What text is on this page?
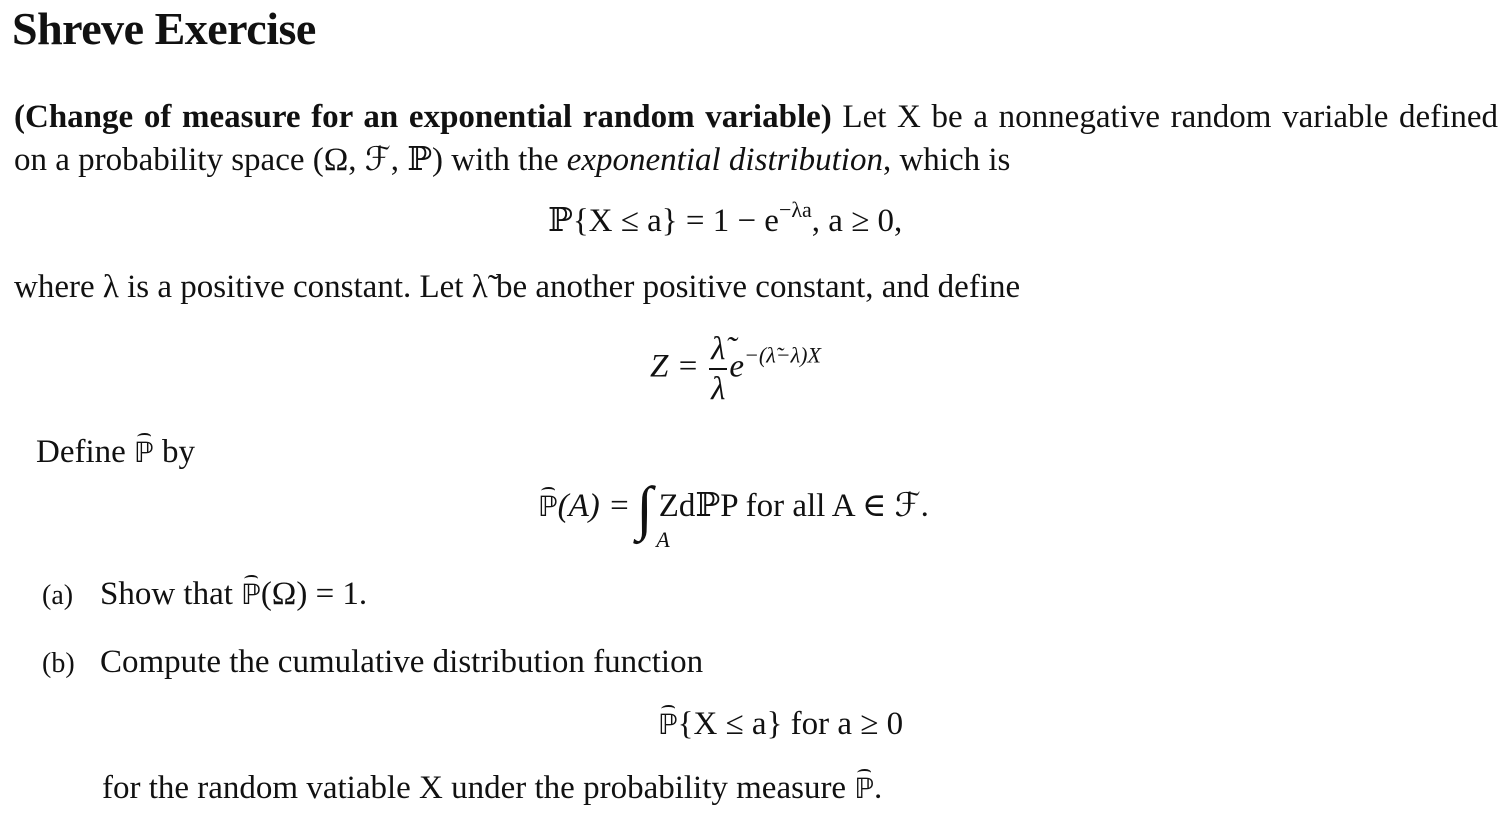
Shreve Exercise
(Change of measure for an exponential random variable) Let X be a nonnegative random variable defined on a probability space (Ω, ℱ, ℙ) with the exponential distribution, which is
ℙ{X ≤ $a\} = 1 - e^{-\lambda a}$, a ≥ 0,
where λ is a positive constant. Let λ̃ be another positive constant, and define
$Z = \frac{\lambdã}{\lambda} e^{-(\lambdã-\lambda)X}$
Define ℙ by
ℙ(A) = ∫ A
ZdℙP for all A ∈ ℱ.
(a) Show that ℙ(Ω) = 1.
(b) Compute the cumulative distribution function
ℙ{X ≤ a} for a ≥ 0
for the random vatiable X under the probability measure ℙ.
